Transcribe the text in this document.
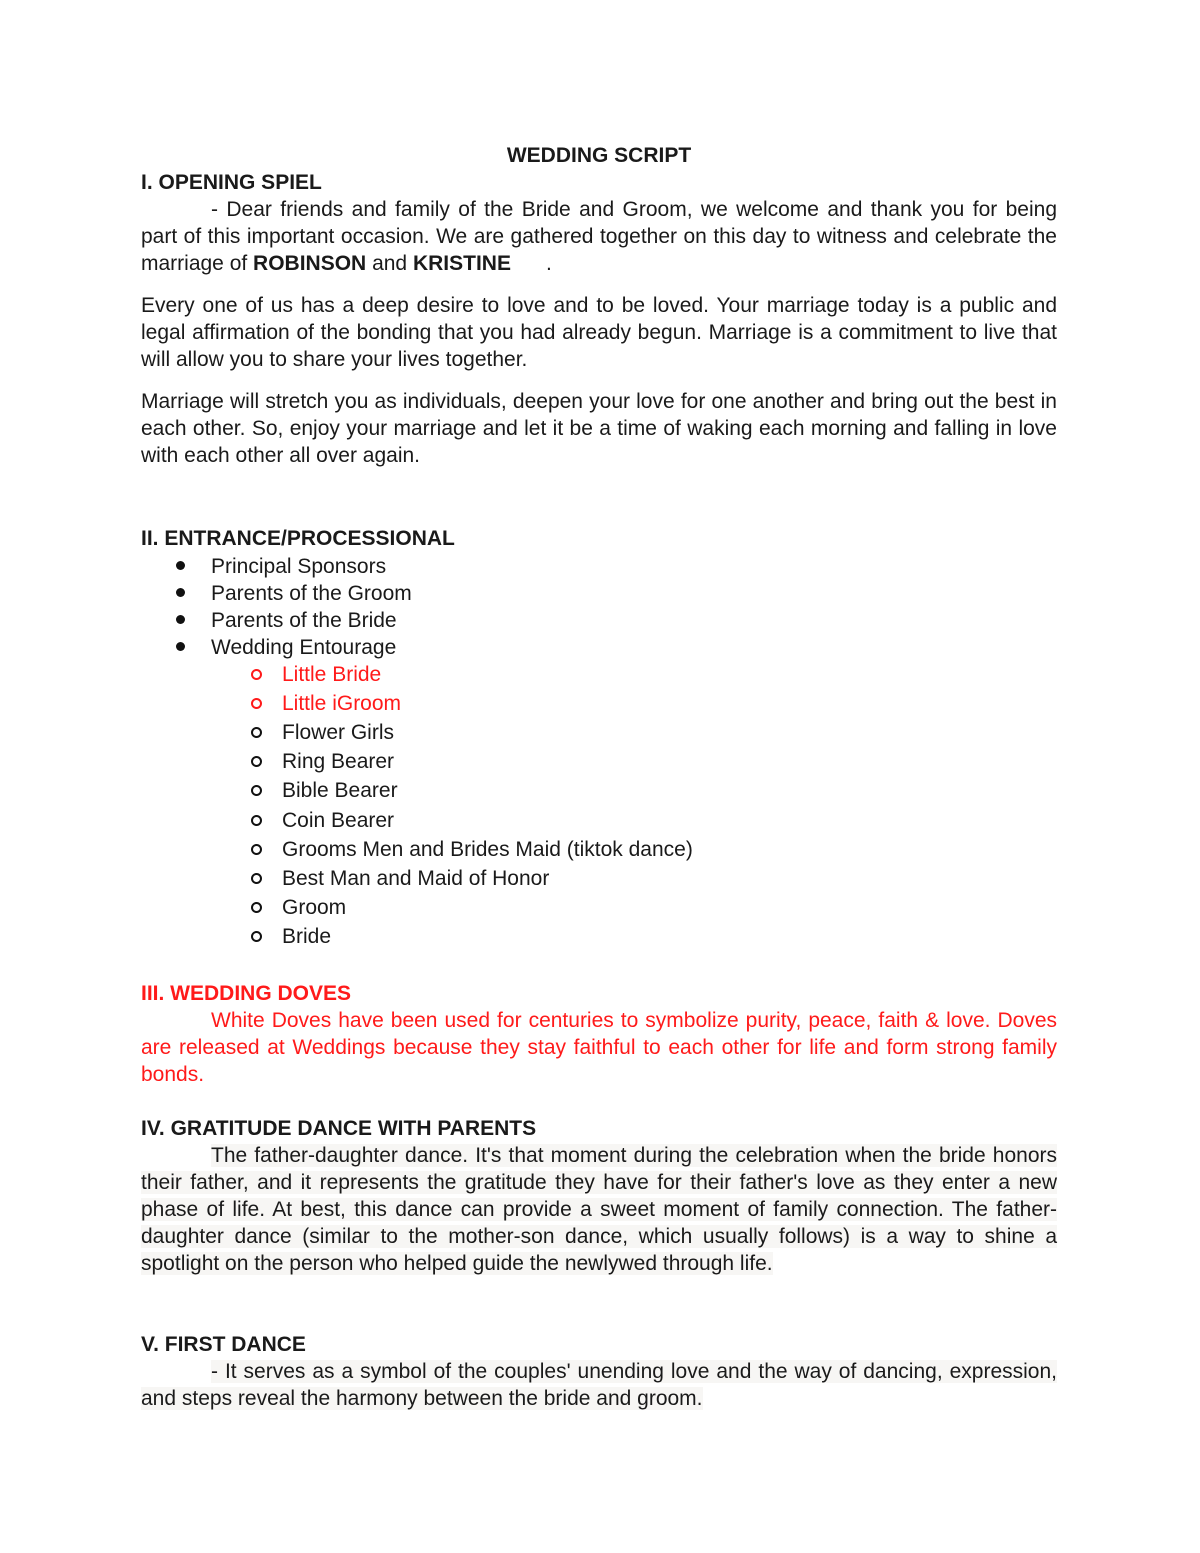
WEDDING SCRIPT
I. OPENING SPIEL
- Dear friends and family of the Bride and Groom, we welcome and thank you for being part of this important occasion. We are gathered together on this day to witness and celebrate the marriage of ROBINSON and KRISTINE      .
Every one of us has a deep desire to love and to be loved. Your marriage today is a public and legal affirmation of the bonding that you had already begun. Marriage is a commitment to live that will allow you to share your lives together.
Marriage will stretch you as individuals, deepen your love for one another and bring out the best in each other. So, enjoy your marriage and let it be a time of waking each morning and falling in love with each other all over again.
II. ENTRANCE/PROCESSIONAL
Principal Sponsors
Parents of the Groom
Parents of the Bride
Wedding Entourage
Little Bride
Little iGroom
Flower Girls
Ring Bearer
Bible Bearer
Coin Bearer
Grooms Men and Brides Maid (tiktok dance)
Best Man and Maid of Honor
Groom
Bride
III. WEDDING DOVES
White Doves have been used for centuries to symbolize purity, peace, faith & love. Doves are released at Weddings because they stay faithful to each other for life and form strong family bonds.
IV. GRATITUDE DANCE WITH PARENTS
The father-daughter dance. It's that moment during the celebration when the bride honors their father, and it represents the gratitude they have for their father's love as they enter a new phase of life. At best, this dance can provide a sweet moment of family connection. The father-daughter dance (similar to the mother-son dance, which usually follows) is a way to shine a spotlight on the person who helped guide the newlywed through life.
V. FIRST DANCE
- It serves as a symbol of the couples' unending love and the way of dancing, expression, and steps reveal the harmony between the bride and groom.
